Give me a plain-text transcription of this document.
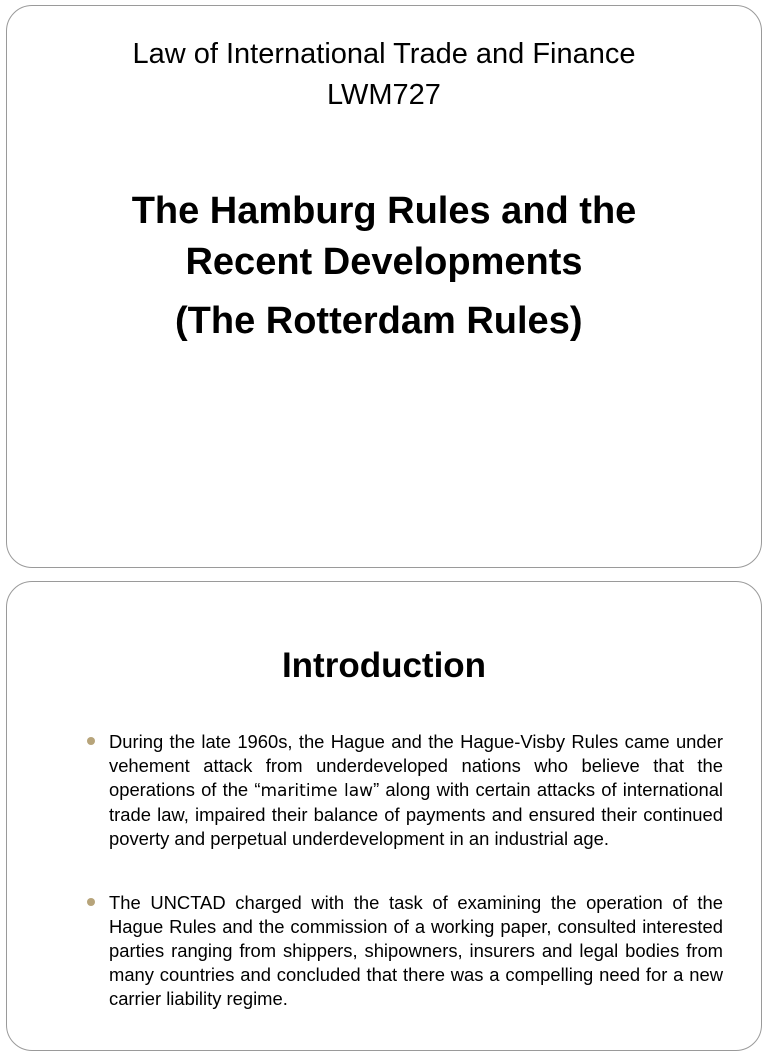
Law of International Trade and Finance
LWM727
The Hamburg Rules and the
Recent Developments
(The Rotterdam Rules)
Introduction
During the late 1960s, the Hague and the Hague-Visby Rules came under vehement attack from underdeveloped nations who believe that the operations of the “maritime law” along with certain attacks of international trade law, impaired their balance of payments and ensured their continued poverty and perpetual underdevelopment in an industrial age.
The UNCTAD charged with the task of examining the operation of the Hague Rules and the commission of a working paper, consulted interested parties ranging from shippers, shipowners, insurers and legal bodies from many countries and concluded that there was a compelling need for a new carrier liability regime.
